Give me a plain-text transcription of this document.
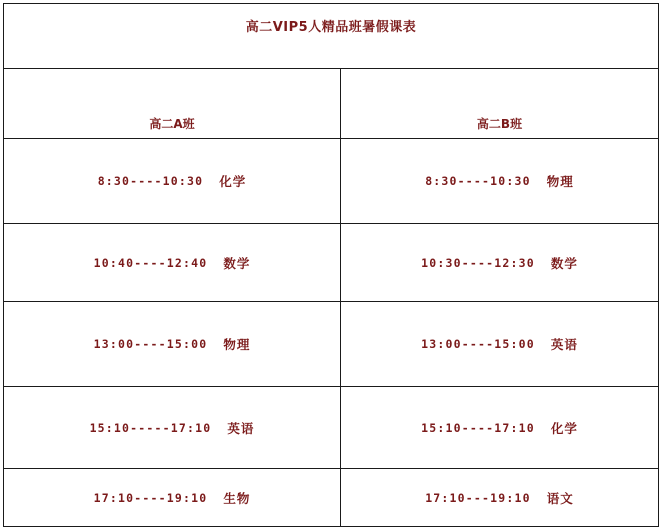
高二VIP5人精品班暑假课表
高二A班	高二B班
8:30----10:30 化学	8:30----10:30 物理
10:40----12:40 数学	10:30----12:30 数学
13:00----15:00 物理	13:00----15:00 英语
15:10-----17:10 英语	15:10----17:10 化学
17:10----19:10 生物	17:10---19:10 语文
